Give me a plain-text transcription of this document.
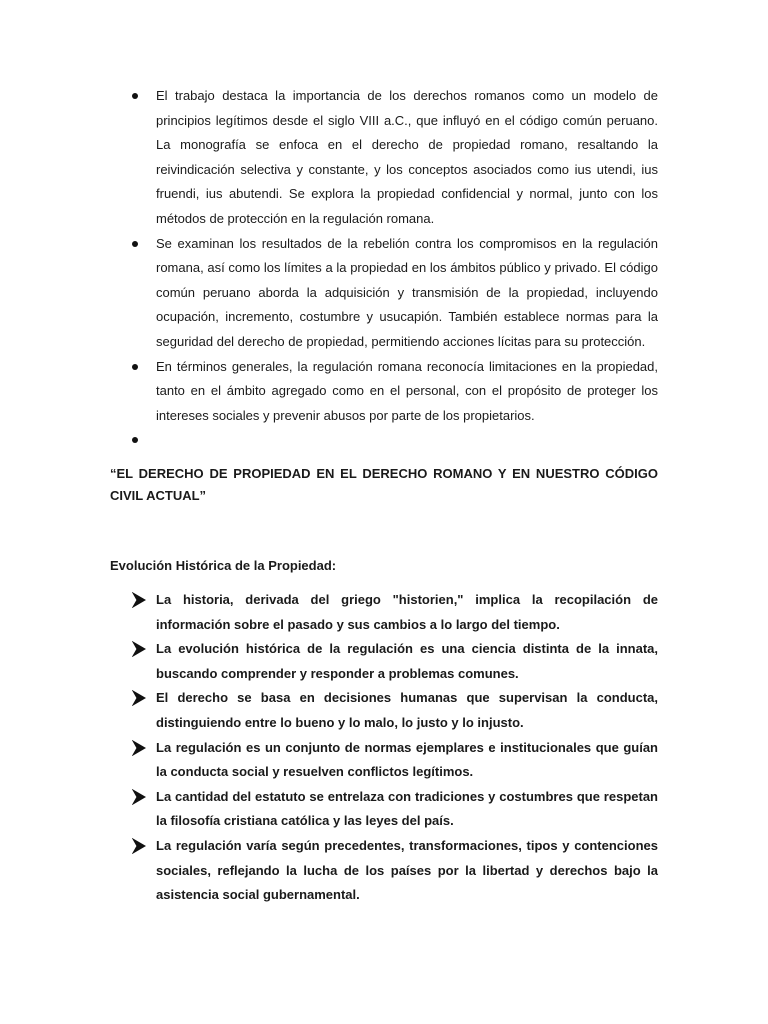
El trabajo destaca la importancia de los derechos romanos como un modelo de principios legítimos desde el siglo VIII a.C., que influyó en el código común peruano. La monografía se enfoca en el derecho de propiedad romano, resaltando la reivindicación selectiva y constante, y los conceptos asociados como ius utendi, ius fruendi, ius abutendi. Se explora la propiedad confidencial y normal, junto con los métodos de protección en la regulación romana.
Se examinan los resultados de la rebelión contra los compromisos en la regulación romana, así como los límites a la propiedad en los ámbitos público y privado. El código común peruano aborda la adquisición y transmisión de la propiedad, incluyendo ocupación, incremento, costumbre y usucapión. También establece normas para la seguridad del derecho de propiedad, permitiendo acciones lícitas para su protección.
En términos generales, la regulación romana reconocía limitaciones en la propiedad, tanto en el ámbito agregado como en el personal, con el propósito de proteger los intereses sociales y prevenir abusos por parte de los propietarios.
“EL DERECHO DE PROPIEDAD EN EL DERECHO ROMANO Y EN NUESTRO CÓDIGO CIVIL ACTUAL”
Evolución Histórica de la Propiedad:
La historia, derivada del griego "historien," implica la recopilación de información sobre el pasado y sus cambios a lo largo del tiempo.
La evolución histórica de la regulación es una ciencia distinta de la innata, buscando comprender y responder a problemas comunes.
El derecho se basa en decisiones humanas que supervisan la conducta, distinguiendo entre lo bueno y lo malo, lo justo y lo injusto.
La regulación es un conjunto de normas ejemplares e institucionales que guían la conducta social y resuelven conflictos legítimos.
La cantidad del estatuto se entrelaza con tradiciones y costumbres que respetan la filosofía cristiana católica y las leyes del país.
La regulación varía según precedentes, transformaciones, tipos y contenciones sociales, reflejando la lucha de los países por la libertad y derechos bajo la asistencia social gubernamental.
